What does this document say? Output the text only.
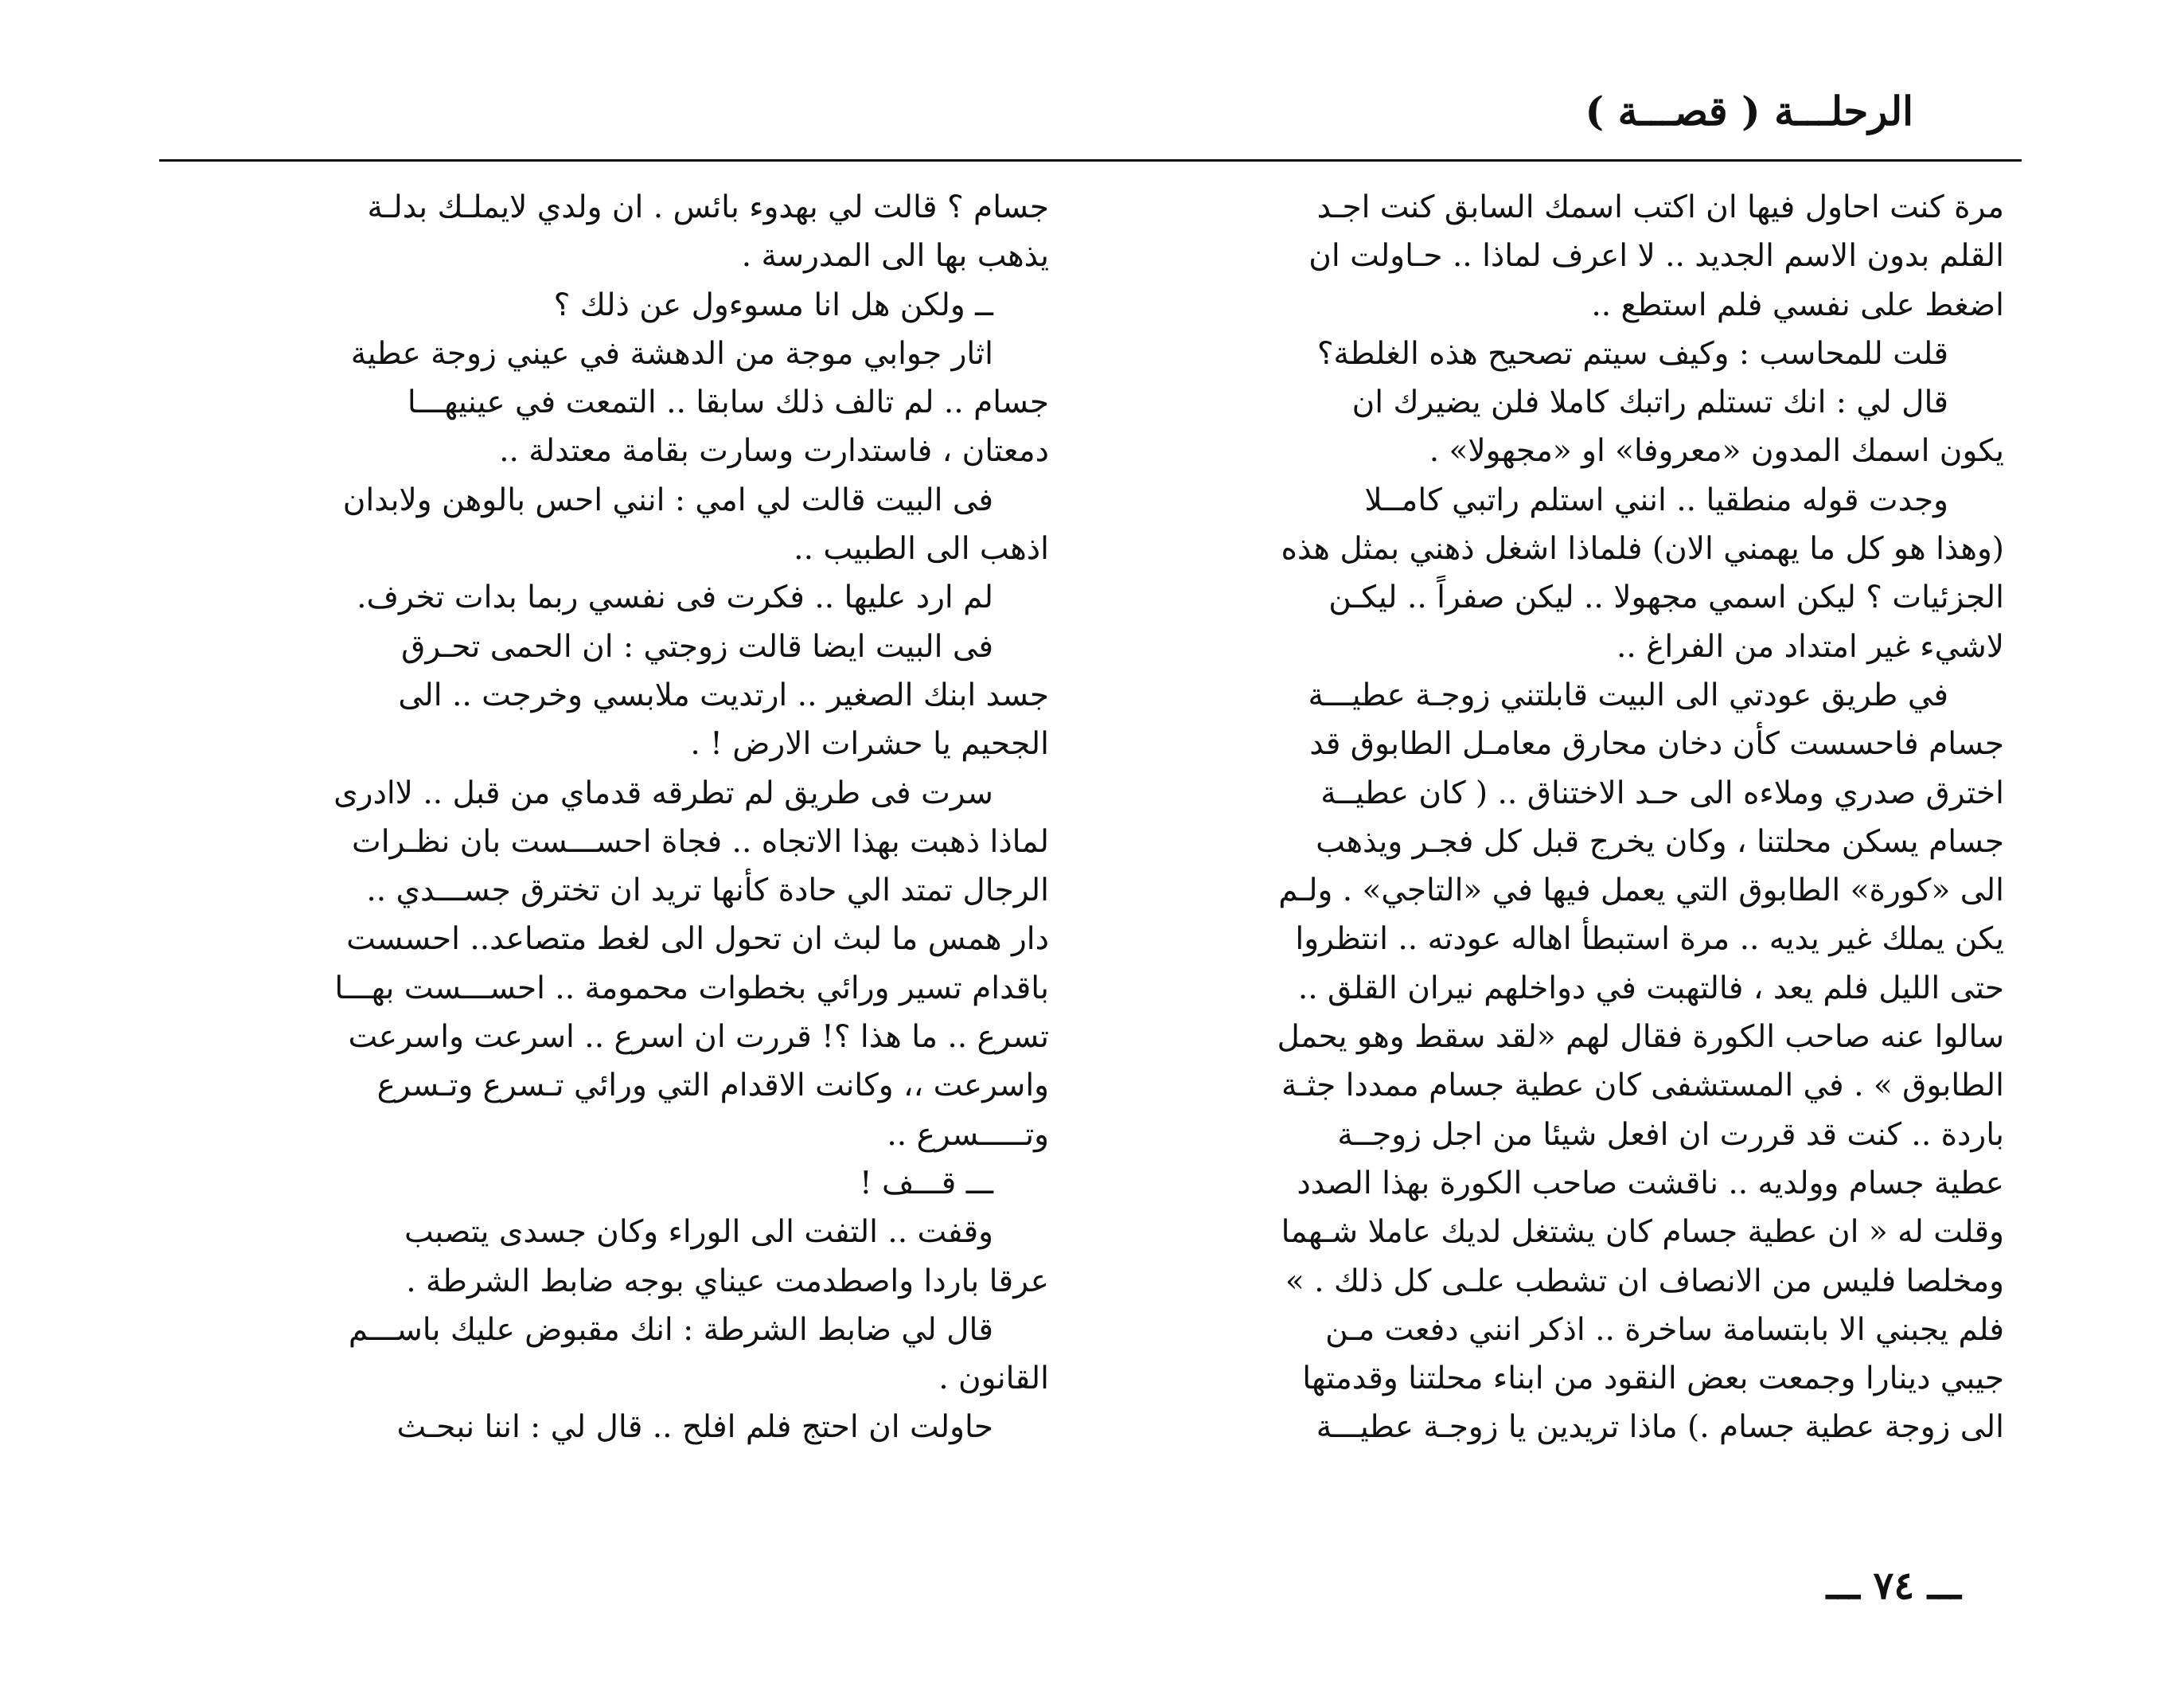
الرحلـــة ( قصـــة )
مرة كنت احاول فيها ان اكتب اسمك السابق كنت اجـد
القلم بدون الاسم الجديد .. لا اعرف لماذا .. حـاولت ان
اضغط على نفسي فلم استطع ..
قلت للمحاسب : وكيف سيتم تصحيح هذه الغلطة؟
قال لي : انك تستلم راتبك كاملا فلن يضيرك ان
يكون اسمك المدون «معروفا» او «مجهولا» .
وجدت قوله منطقيا .. انني استلم راتبي كامــلا
(وهذا هو كل ما يهمني الان) فلماذا اشغل ذهني بمثل هذه
الجزئيات ؟ ليكن اسمي مجهولا .. ليكن صفراً .. ليكـن
لاشيء غير امتداد من الفراغ ..
في طريق عودتي الى البيت قابلتني زوجـة عطيـــة
جسام فاحسست كأن دخان محارق معامـل الطابوق قد
اخترق صدري وملاءه الى حـد الاختناق .. ( كان عطيــة
جسام يسكن محلتنا ، وكان يخرج قبل كل فجـر ويذهب
الى «كورة» الطابوق التي يعمل فيها في «التاجي» . ولـم
يكن يملك غير يديه .. مرة استبطأ اهاله عودته .. انتظروا
حتى الليل فلم يعد ، فالتهبت في دواخلهم نيران القلق ..
سالوا عنه صاحب الكورة فقال لهم «لقد سقط وهو يحمل
الطابوق » . في المستشفى كان عطية جسام ممددا جثـة
باردة .. كنت قد قررت ان افعل شيئا من اجل زوجــة
عطية جسام وولديه .. ناقشت صاحب الكورة بهذا الصدد
وقلت له « ان عطية جسام كان يشتغل لديك عاملا شـهما
ومخلصا فليس من الانصاف ان تشطب علـى كل ذلك . »
فلم يجبني الا بابتسامة ساخرة .. اذكر انني دفعت مـن
جيبي دينارا وجمعت بعض النقود من ابناء محلتنا وقدمتها
الى زوجة عطية جسام .) ماذا تريدين يا زوجـة عطيـــة
جسام ؟ قالت لي بهدوء بائس . ان ولدي لايملـك بدلـة
يذهب بها الى المدرسة .
ــ ولكن هل انا مسوءول عن ذلك ؟
اثار جوابي موجة من الدهشة في عيني زوجة عطية
جسام .. لم تالف ذلك سابقا .. التمعت في عينيهـــا
دمعتان ، فاستدارت وسارت بقامة معتدلة ..
فى البيت قالت لي امي : انني احس بالوهن ولابدان
اذهب الى الطبيب ..
لم ارد عليها .. فكرت فى نفسي ربما بدات تخرف.
فى البيت ايضا قالت زوجتي : ان الحمى تحـرق
جسد ابنك الصغير .. ارتديت ملابسي وخرجت .. الى
الجحيم يا حشرات الارض ! .
سرت فى طريق لم تطرقه قدماي من قبل .. لاادرى
لماذا ذهبت بهذا الاتجاه .. فجاة احســـست بان نظـرات
الرجال تمتد الي حادة كأنها تريد ان تخترق جســـدي ..
دار همس ما لبث ان تحول الى لغط متصاعد.. احسست
باقدام تسير ورائي بخطوات محمومة .. احســـست بهـــا
تسرع .. ما هذا ؟! قررت ان اسرع .. اسرعت واسرعت
واسرعت ،، وكانت الاقدام التي ورائي تـسرع وتـسرع
وتـــــسرع ..
ـــ قـــف !
وقفت .. التفت الى الوراء وكان جسدى يتصبب
عرقا باردا واصطدمت عيناي بوجه ضابط الشرطة .
قال لي ضابط الشرطة : انك مقبوض عليك باســـم
القانون .
حاولت ان احتج فلم افلح .. قال لي : اننا نبحـث
ـــ ٧٤ ـــ
